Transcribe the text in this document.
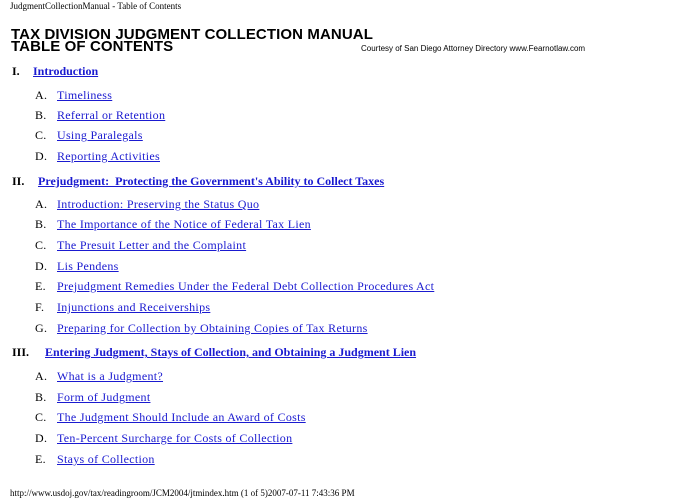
JudgmentCollectionManual - Table of Contents
TAX DIVISION JUDGMENT COLLECTION MANUAL
TABLE OF CONTENTS	Courtesy of San Diego Attorney Directory www.Fearnotlaw.com
I. Introduction
A. Timeliness
B. Referral or Retention
C. Using Paralegals
D. Reporting Activities
II. Prejudgment:  Protecting the Government's Ability to Collect Taxes
A. Introduction: Preserving the Status Quo
B. The Importance of the Notice of Federal Tax Lien
C. The Presuit Letter and the Complaint
D. Lis Pendens
E. Prejudgment Remedies Under the Federal Debt Collection Procedures Act
F. Injunctions and Receiverships
G. Preparing for Collection by Obtaining Copies of Tax Returns
III. Entering Judgment, Stays of Collection, and Obtaining a Judgment Lien
A. What is a Judgment?
B. Form of Judgment
C. The Judgment Should Include an Award of Costs
D. Ten-Percent Surcharge for Costs of Collection
E. Stays of Collection
http://www.usdoj.gov/tax/readingroom/JCM2004/jtmindex.htm (1 of 5)2007-07-11 7:43:36 PM
